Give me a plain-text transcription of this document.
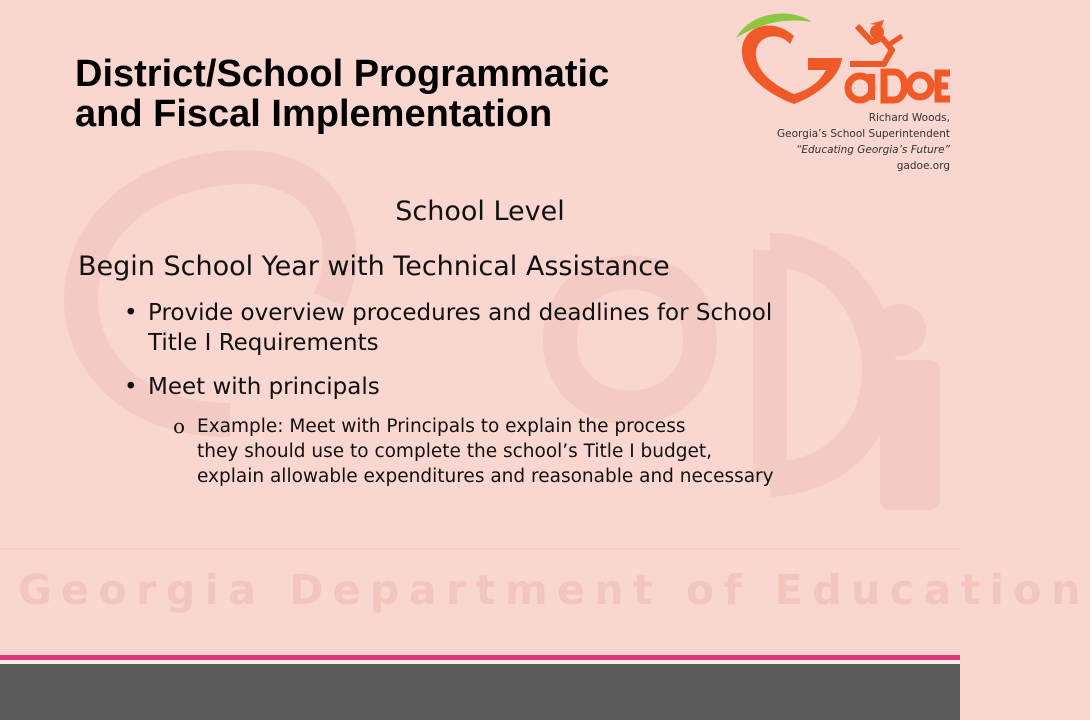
Georgia Department of Education
District/School Programmatic
and Fiscal Implementation	Richard Woods,
Georgia’s School Superintendent
“Educating Georgia’s Future”
gadoe.org
School Level
Begin School Year with Technical Assistance
• Provide overview procedures and deadlines for School
Title I Requirements
• Meet with principals
o Example: Meet with Principals to explain the process
they should use to complete the school’s Title I budget,
explain allowable expenditures and reasonable and necessary
